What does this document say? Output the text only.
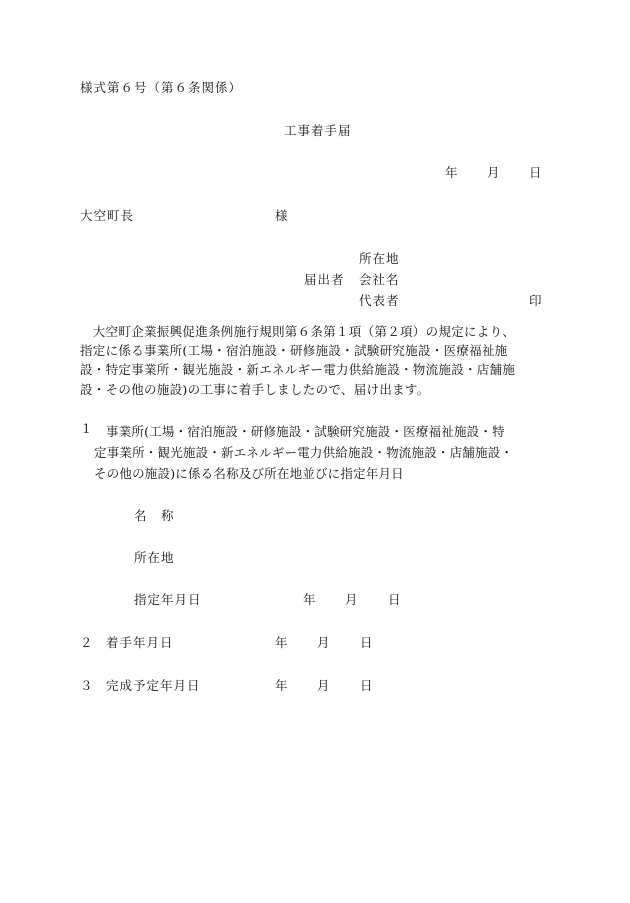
様式第６号（第６条関係）
工事着手届
年 月 日
大空町長	様
所在地
届出者 会社名
代表者	印
　大空町企業振興促進条例施行規則第６条第１項（第２項）の規定により、
指定に係る事業所(工場・宿泊施設・研修施設・試験研究施設・医療福祉施
設・特定事業所・観光施設・新エネルギー電力供給施設・物流施設・店舗施
設・その他の施設)の工事に着手しましたので、届け出ます。
１ 事業所(工場・宿泊施設・研修施設・試験研究施設・医療福祉施設・特
定事業所・観光施設・新エネルギー電力供給施設・物流施設・店舗施設・
その他の施設)に係る名称及び所在地並びに指定年月日
名　称
所在地
指定年月日	年 月 日
２ 着手年月日	年 月 日
３ 完成予定年月日	年 月 日
